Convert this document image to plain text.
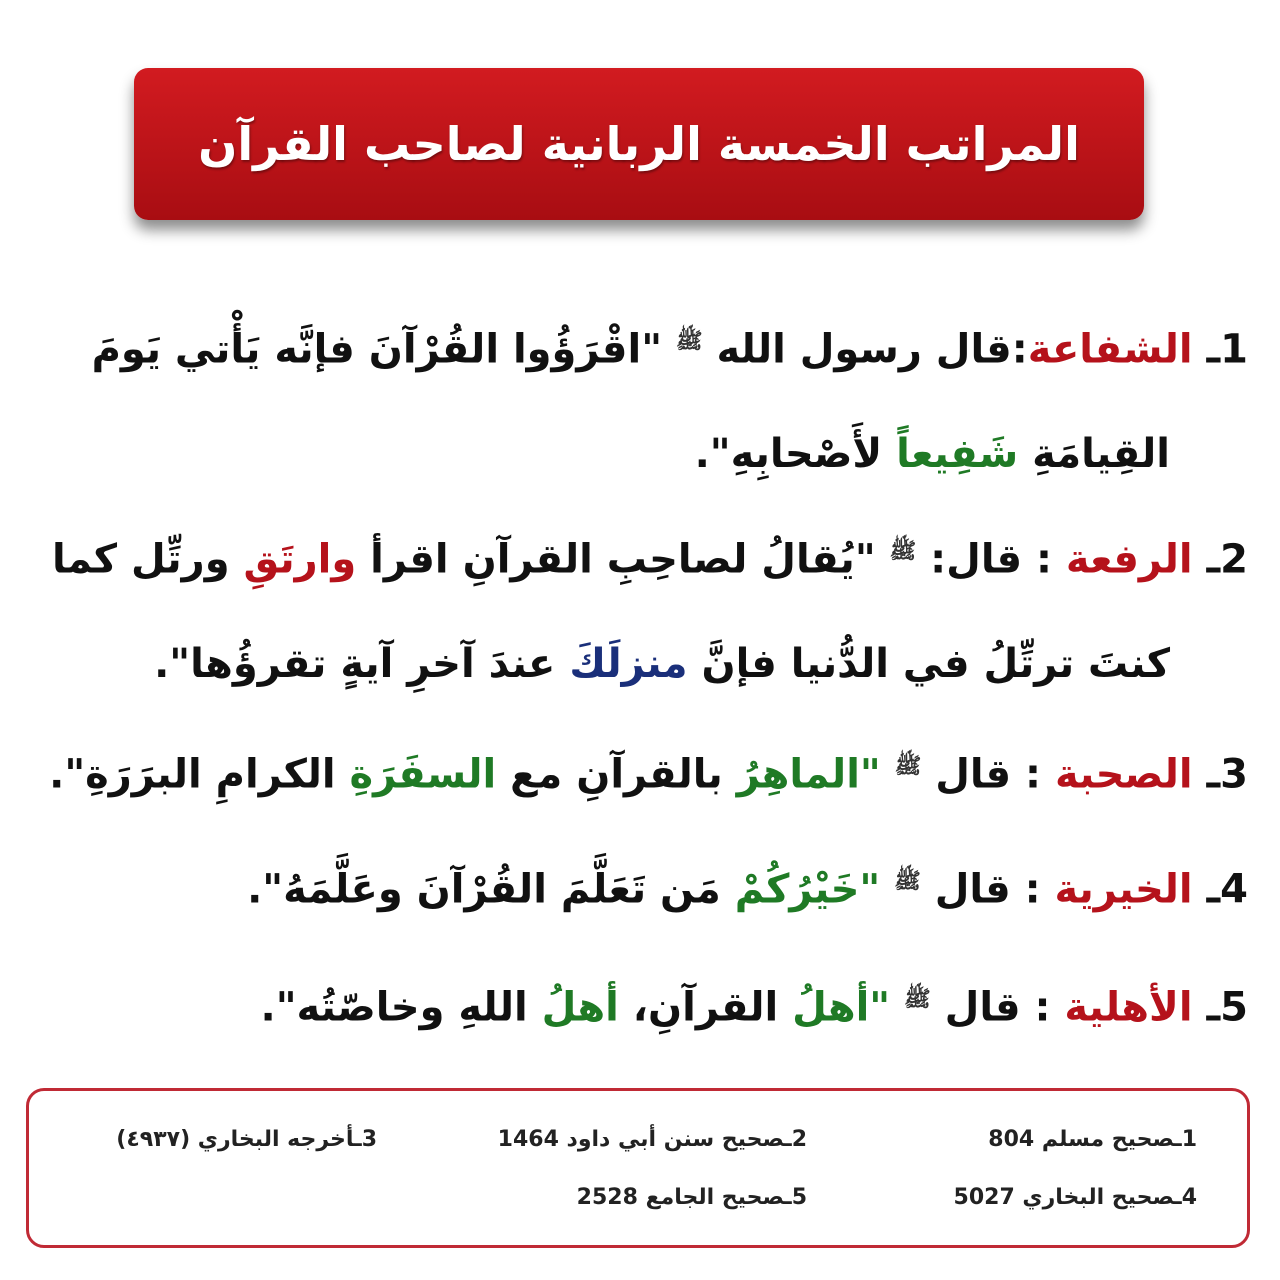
المراتب الخمسة الربانية لصاحب القرآن
1ـ الشفاعة:قال رسول الله $^ﷺ$ "اقْرَؤُوا القُرْآنَ فإنَّه يَأْتي يَومَ
القِيامَةِ شَفِيعاً لأَصْحابِهِ".
2ـ الرفعة : قال: $^ﷺ$ "يُقالُ لصاحِبِ القرآنِ اقرأ وارتَقِ ورتِّل كما
كنتَ ترتِّلُ في الدُّنيا فإنَّ منزلَكَ عندَ آخرِ آيةٍ تقرؤُها".
3ـ الصحبة : قال $^ﷺ$ "الماهِرُ بالقرآنِ مع السفَرَةِ الكرامِ البرَرَةِ".
4ـ الخيرية : قال $^ﷺ$ "خَيْرُكُمْ مَن تَعَلَّمَ القُرْآنَ وعَلَّمَهُ".
5ـ الأهلية : قال $^ﷺ$ "أهلُ القرآنِ، أهلُ اللهِ وخاصّتُه".
1ـصحيح مسلم 804
2ـصحيح سنن أبي داود 1464
3ـأخرجه البخاري (٤٩٣٧)
4ـصحيح البخاري 5027
5ـصحيح الجامع 2528
